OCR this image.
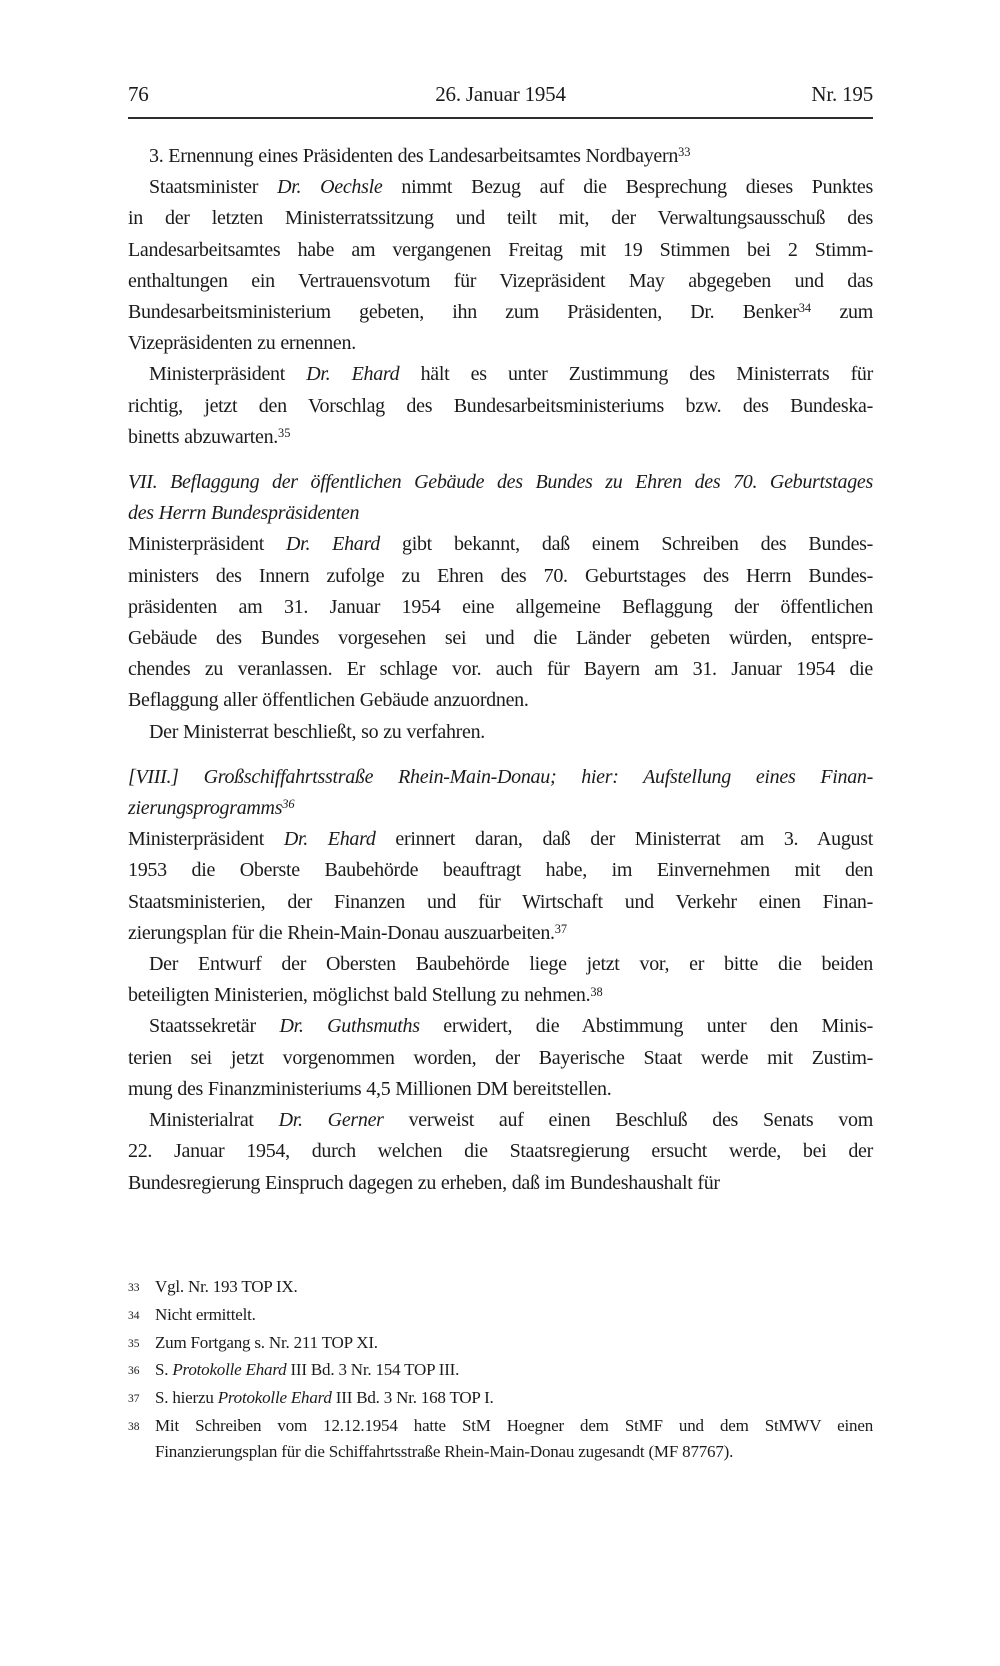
76	26. Januar 1954	Nr. 195
3. Ernennung eines Präsidenten des Landesarbeitsamtes Nordbayern$^{33}$
Staatsminister Dr. Oechsle nimmt Bezug auf die Besprechung dieses Punktes
in der letzten Ministerratssitzung und teilt mit, der Verwaltungsausschuß des
Landesarbeitsamtes habe am vergangenen Freitag mit 19 Stimmen bei 2 Stimm-
enthaltungen ein Vertrauensvotum für Vizepräsident May abgegeben und das
Bundesarbeitsministerium gebeten, ihn zum Präsidenten, Dr. Benker$^{34}$ zum
Vizepräsidenten zu ernennen.
Ministerpräsident Dr. Ehard hält es unter Zustimmung des Ministerrats für
richtig, jetzt den Vorschlag des Bundesarbeitsministeriums bzw. des Bundeska-
binetts abzuwarten.$^{35}$
VII. Beflaggung der öffentlichen Gebäude des Bundes zu Ehren des 70. Geburtstages
des Herrn Bundespräsidenten
Ministerpräsident Dr. Ehard gibt bekannt, daß einem Schreiben des Bundes-
ministers des Innern zufolge zu Ehren des 70. Geburtstages des Herrn Bundes-
präsidenten am 31. Januar 1954 eine allgemeine Beflaggung der öffentlichen
Gebäude des Bundes vorgesehen sei und die Länder gebeten würden, entspre-
chendes zu veranlassen. Er schlage vor. auch für Bayern am 31. Januar 1954 die
Beflaggung aller öffentlichen Gebäude anzuordnen.
Der Ministerrat beschließt, so zu verfahren.
[VIII.] Großschiffahrtsstraße Rhein-Main-Donau; hier: Aufstellung eines Finan-
zierungsprogramms$^{36}$
Ministerpräsident Dr. Ehard erinnert daran, daß der Ministerrat am 3. August
1953 die Oberste Baubehörde beauftragt habe, im Einvernehmen mit den
Staatsministerien, der Finanzen und für Wirtschaft und Verkehr einen Finan-
zierungsplan für die Rhein-Main-Donau auszuarbeiten.$^{37}$
Der Entwurf der Obersten Baubehörde liege jetzt vor, er bitte die beiden
beteiligten Ministerien, möglichst bald Stellung zu nehmen.$^{38}$
Staatssekretär Dr. Guthsmuths erwidert, die Abstimmung unter den Minis-
terien sei jetzt vorgenommen worden, der Bayerische Staat werde mit Zustim-
mung des Finanzministeriums 4,5 Millionen DM bereitstellen.
Ministerialrat Dr. Gerner verweist auf einen Beschluß des Senats vom
22. Januar 1954, durch welchen die Staatsregierung ersucht werde, bei der
Bundesregierung Einspruch dagegen zu erheben, daß im Bundeshaushalt für
33 Vgl. Nr. 193 TOP IX.
34 Nicht ermittelt.
35 Zum Fortgang s. Nr. 211 TOP XI.
36 S. Protokolle Ehard III Bd. 3 Nr. 154 TOP III.
37 S. hierzu Protokolle Ehard III Bd. 3 Nr. 168 TOP I.
38 Mit Schreiben vom 12.12.1954 hatte StM Hoegner dem StMF und dem StMWV einen
Finanzierungsplan für die Schiffahrtsstraße Rhein-Main-Donau zugesandt (MF 87767).
